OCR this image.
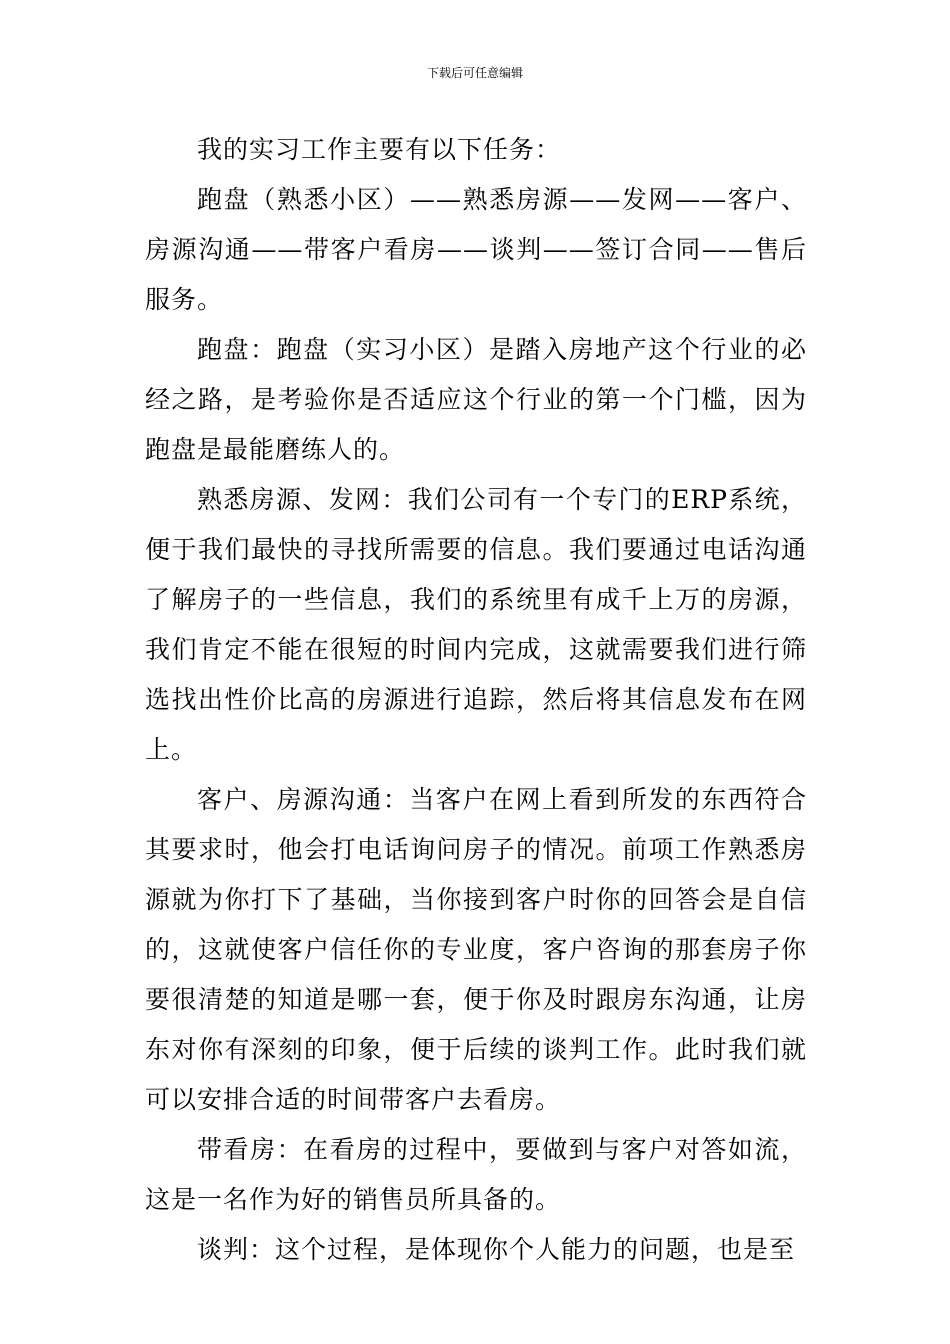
下载后可任意编辑

我的实习工作主要有以下任务：

跑盘（熟悉小区）——熟悉房源——发网——客户、房源沟通——带客户看房——谈判——签订合同——售后服务。

跑盘：跑盘（实习小区）是踏入房地产这个行业的必经之路，是考验你是否适应这个行业的第一个门槛，因为跑盘是最能磨练人的。

熟悉房源、发网：我们公司有一个专门的ERP系统，便于我们最快的寻找所需要的信息。我们要通过电话沟通了解房子的一些信息，我们的系统里有成千上万的房源，我们肯定不能在很短的时间内完成，这就需要我们进行筛选找出性价比高的房源进行追踪，然后将其信息发布在网上。

客户、房源沟通：当客户在网上看到所发的东西符合其要求时，他会打电话询问房子的情况。前项工作熟悉房源就为你打下了基础，当你接到客户时你的回答会是自信的，这就使客户信任你的专业度，客户咨询的那套房子你要很清楚的知道是哪一套，便于你及时跟房东沟通，让房东对你有深刻的印象，便于后续的谈判工作。此时我们就可以安排合适的时间带客户去看房。

带看房：在看房的过程中，要做到与客户对答如流，这是一名作为好的销售员所具备的。

谈判：这个过程，是体现你个人能力的问题，也是至
